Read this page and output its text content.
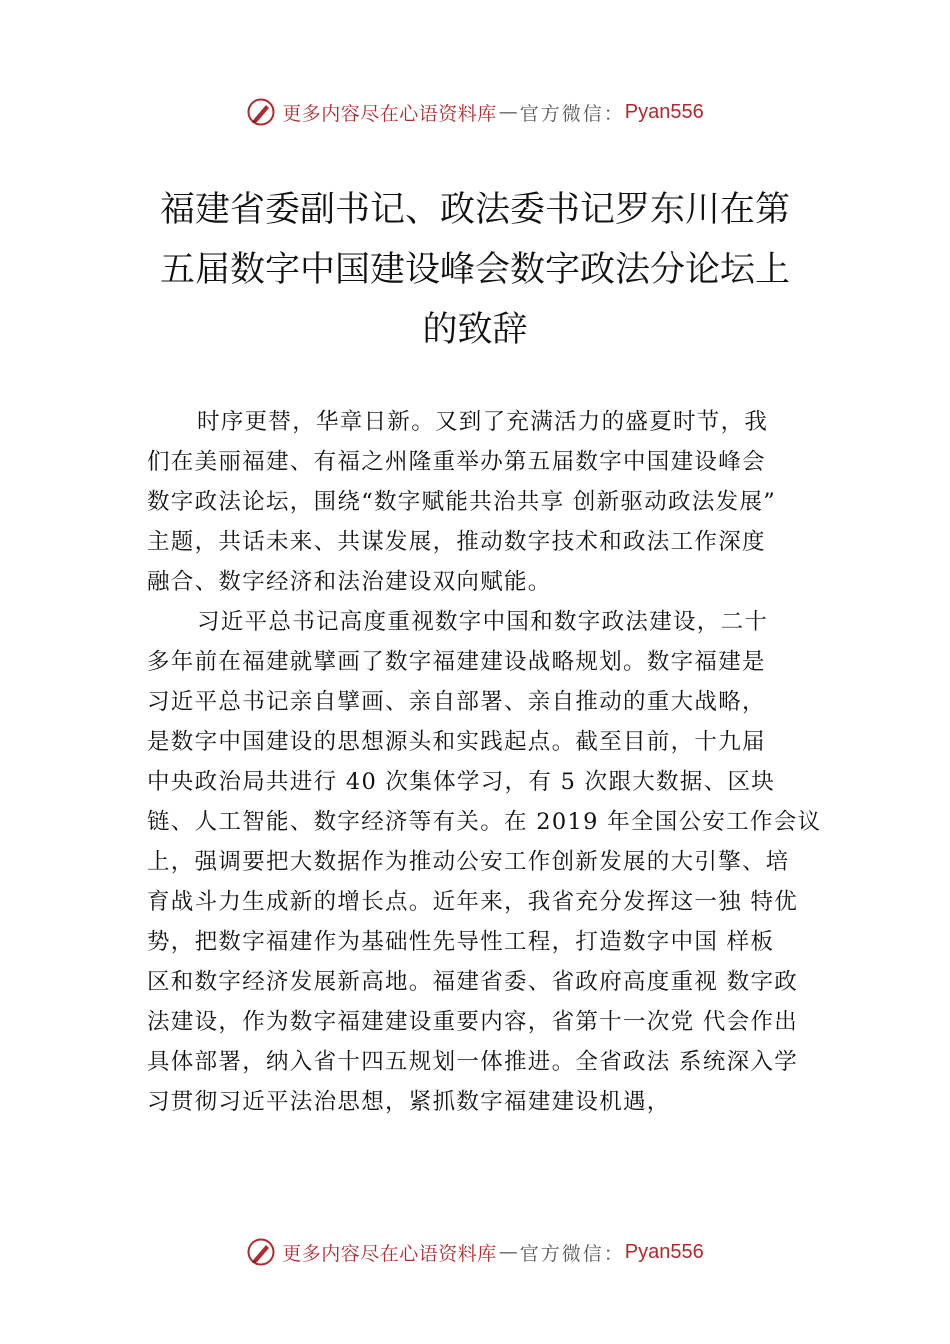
更多内容尽在心语资料库 — 官方微信： Pyan556
福建省委副书记、政法委书记罗东川在第
五届数字中国建设峰会数字政法分论坛上
的致辞
时序更替，华章日新。又到了充满活力的盛夏时节，我
们在美丽福建、有福之州隆重举办第五届数字中国建设峰会
数字政法论坛，围绕“数字赋能共治共享 创新驱动政法发展”
主题，共话未来、共谋发展，推动数字技术和政法工作深度
融合、数字经济和法治建设双向赋能。
习近平总书记高度重视数字中国和数字政法建设，二十
多年前在福建就擘画了数字福建建设战略规划。数字福建是
习近平总书记亲自擘画、亲自部署、亲自推动的重大战略，
是数字中国建设的思想源头和实践起点。截至目前，十九届
中央政治局共进行 40 次集体学习，有 5 次跟大数据、区块
链、人工智能、数字经济等有关。在 2019 年全国公安工作会议
上，强调要把大数据作为推动公安工作创新发展的大引擎、培
育战斗力生成新的增长点。近年来，我省充分发挥这一独 特优
势，把数字福建作为基础性先导性工程，打造数字中国 样板
区和数字经济发展新高地。福建省委、省政府高度重视 数字政
法建设，作为数字福建建设重要内容，省第十一次党 代会作出
具体部署，纳入省十四五规划一体推进。全省政法 系统深入学
习贯彻习近平法治思想，紧抓数字福建建设机遇，
更多内容尽在心语资料库 — 官方微信： Pyan556
